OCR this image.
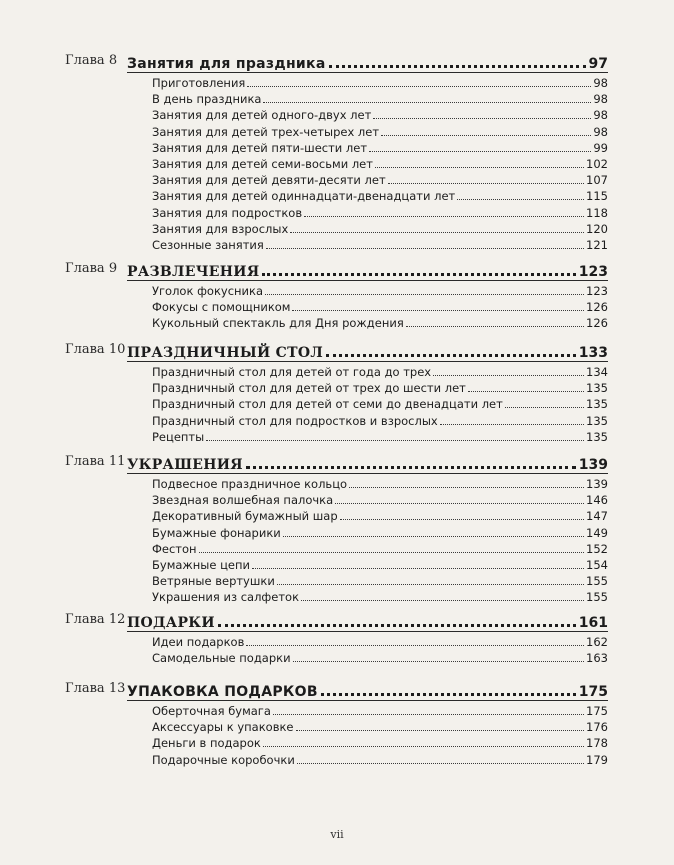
Глава 8 Занятия для праздника	97
Приготовления	98
В день праздника	98
Занятия для детей одного-двух лет	98
Занятия для детей трех-четырех лет	98
Занятия для детей пяти-шести лет	99
Занятия для детей семи-восьми лет	102
Занятия для детей девяти-десяти лет	107
Занятия для детей одиннадцати-двенадцати лет	115
Занятия для подростков	118
Занятия для взрослых	120
Сезонные занятия	121
Глава 9 РАЗВЛЕЧЕНИЯ	123
Уголок фокусника	123
Фокусы с помощником	126
Кукольный спектакль для Дня рождения	126
Глава 10 ПРАЗДНИЧНЫЙ СТОЛ	133
Праздничный стол для детей от года до трех	134
Праздничный стол для детей от трех до шести лет	135
Праздничный стол для детей от семи до двенадцати лет	135
Праздничный стол для подростков и взрослых	135
Рецепты	135
Глава 11 УКРАШЕНИЯ	139
Подвесное праздничное кольцо	139
Звездная волшебная палочка	146
Декоративный бумажный шар	147
Бумажные фонарики	149
Фестон	152
Бумажные цепи	154
Ветряные вертушки	155
Украшения из салфеток	155
Глава 12 ПОДАРКИ	161
Идеи подарков	162
Самодельные подарки	163
Глава 13 УПАКОВКА ПОДАРКОВ	175
Оберточная бумага	175
Аксессуары к упаковке	176
Деньги в подарок	178
Подарочные коробочки	179
vii
